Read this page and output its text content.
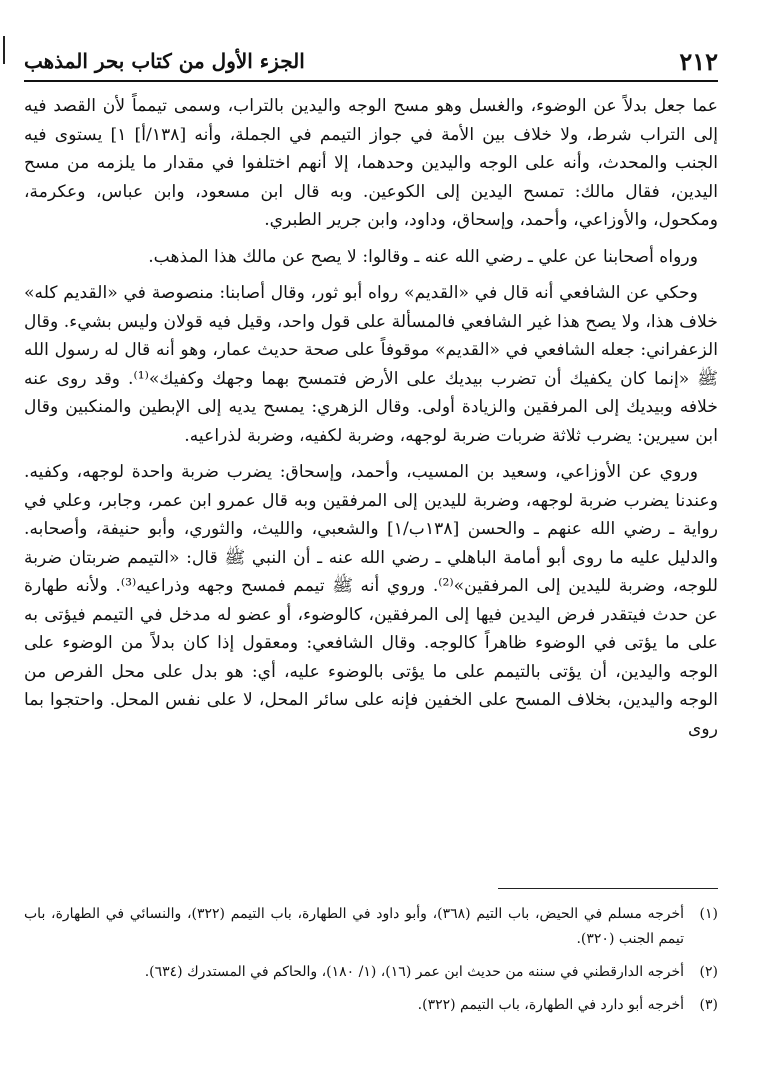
٢١٢
الجزء الأول من كتاب بحر المذهب

عما جعل بدلاً عن الوضوء، والغسل وهو مسح الوجه واليدين بالتراب، وسمى تيمماً لأن القصد فيه إلى التراب شرط، ولا خلاف بين الأمة في جواز التيمم في الجملة، وأنه [١٣٨/أ] ١] يستوى فيه الجنب والمحدث، وأنه على الوجه واليدين وحدهما، إلا أنهم اختلفوا في مقدار ما يلزمه من مسح اليدين، فقال مالك: تمسح اليدين إلى الكوعين. وبه قال ابن مسعود، وابن عباس، وعكرمة، ومكحول، والأوزاعي، وأحمد، وإسحاق، وداود، وابن جرير الطبري.

ورواه أصحابنا عن علي ـ رضي الله عنه ـ وقالوا: لا يصح عن مالك هذا المذهب.

وحكي عن الشافعي أنه قال في «القديم» رواه أبو ثور، وقال أصابنا: منصوصة في «القديم كله» خلاف هذا، ولا يصح هذا غير الشافعي فالمسألة على قول واحد، وقيل فيه قولان وليس بشيء. وقال الزعفراني: جعله الشافعي في «القديم» موقوفاً على صحة حديث عمار، وهو أنه قال له رسول الله ﷺ «إنما كان يكفيك أن تضرب بيديك على الأرض فتمسح بهما وجهك وكفيك»⁽¹⁾. وقد روى عنه خلافه وبيديك إلى المرفقين والزيادة أولى. وقال الزهري: يمسح يديه إلى الإبطين والمنكبين وقال ابن سيرين: يضرب ثلاثة ضربات ضربة لوجهه، وضربة لكفيه، وضربة لذراعيه.

وروي عن الأوزاعي، وسعيد بن المسيب، وأحمد، وإسحاق: يضرب ضربة واحدة لوجهه، وكفيه. وعندنا يضرب ضربة لوجهه، وضربة لليدين إلى المرفقين وبه قال عمرو ابن عمر، وجابر، وعلي في رواية ـ رضي الله عنهم ـ والحسن [١٣٨ب/١] والشعبي، والليث، والثوري، وأبو حنيفة، وأصحابه. والدليل عليه ما روى أبو أمامة الباهلي ـ رضي الله عنه ـ أن النبي ﷺ قال: «التيمم ضربتان ضربة للوجه، وضربة لليدين إلى المرفقين»⁽²⁾. وروي أنه ﷺ تيمم فمسح وجهه وذراعيه⁽³⁾. ولأنه طهارة عن حدث فيتقدر فرض اليدين فيها إلى المرفقين، كالوضوء، أو عضو له مدخل في التيمم فيؤتى به على ما يؤتى في الوضوء ظاهراً كالوجه. وقال الشافعي: ومعقول إذا كان بدلاً من الوضوء على الوجه واليدين، أن يؤتى بالتيمم على ما يؤتى بالوضوء عليه، أي: هو بدل على محل الفرص من الوجه واليدين، بخلاف المسح على الخفين فإنه على سائر المحل، لا على نفس المحل. واحتجوا بما روى

(١)
أخرجه مسلم في الحيض، باب التيم (٣٦٨)، وأبو داود في الطهارة، باب التيمم (٣٢٢)، والنسائي في الطهارة، باب تيمم الجنب (٣٢٠).
(٢)
أخرجه الدارقطني في سننه من حديث ابن عمر (١٦)، (١/ ١٨٠)، والحاكم في المستدرك (٦٣٤).
(٣)
أخرجه أبو دارد في الطهارة، باب التيمم (٣٢٢).
